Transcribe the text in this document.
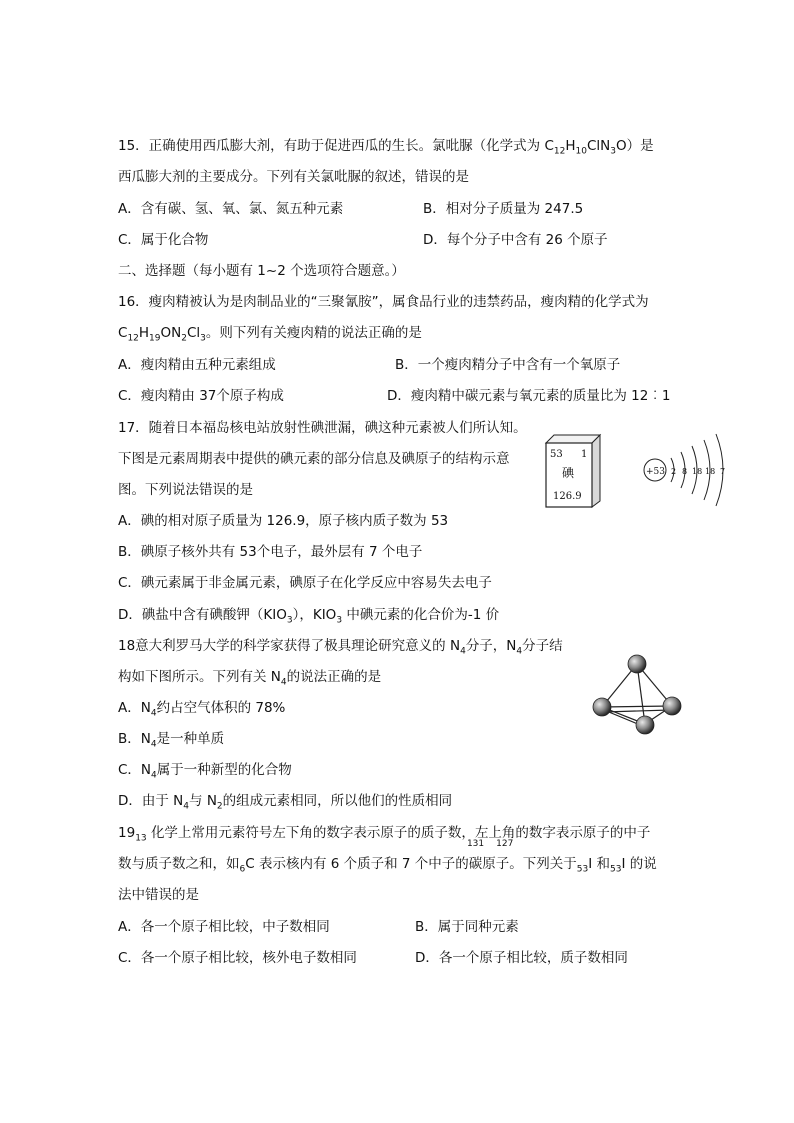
15．正确使用西瓜膨大剂，有助于促进西瓜的生长。氯吡脲（化学式为 $C_{12}H_{10}ClN_3O$）是
西瓜膨大剂的主要成分。下列有关氯吡脲的叙述，错误的是
A．含有碳、氢、氧、氯、氮五种元素	B．相对分子质量为 247.5
C．属于化合物	D．每个分子中含有 26 个原子
二、选择题（每小题有 1~2 个选项符合题意。）
16．瘦肉精被认为是肉制品业的“三聚氰胺”，属食品行业的违禁药品，瘦肉精的化学式为
$C_{12}H_{19}ON_2Cl_3$。则下列有关瘦肉精的说法正确的是
A．瘦肉精由五种元素组成	B．一个瘦肉精分子中含有一个氧原子
C．瘦肉精由 37个原子构成	D．瘦肉精中碳元素与氧元素的质量比为 12︰1
17．随着日本福岛核电站放射性碘泄漏，碘这种元素被人们所认知。
下图是元素周期表中提供的碘元素的部分信息及碘原子的结构示意
图。下列说法错误的是
53 1
碘
126.9
+53 2 8 18 18 7
A．碘的相对原子质量为 126.9，原子核内质子数为 53
B．碘原子核外共有 53个电子，最外层有 7 个电子
C．碘元素属于非金属元素，碘原子在化学反应中容易失去电子
D．碘盐中含有碘酸钾$(KIO_3)$，$KIO_3$ 中碘元素的化合价为-1 价
18意大利罗马大学的科学家获得了极具理论研究意义的 $N_4$分子，$N_4$分子结
构如下图所示。下列有关 $N_4$的说法正确的是
A．$N_4$约占空气体积的 78%
B．$N_4$是一种单质
C．$N_4$属于一种新型的化合物
D．由于 $N_4$与 $N_2$的组成元素相同，所以他们的性质相同
$19_{13}$ 化学上常用元素符号左下角的数字表示原子的质子数，
131 127
左上角的数字表示原子的中子
数与质子数之和，如$_6$C 表示核内有 6 个质子和 7 个中子的碳原子。下列关于$_{53}$I 和$_{53}$I 的说
法中错误的是
A．各一个原子相比较，中子数相同	B．属于同种元素
C．各一个原子相比较，核外电子数相同	D．各一个原子相比较，质子数相同
